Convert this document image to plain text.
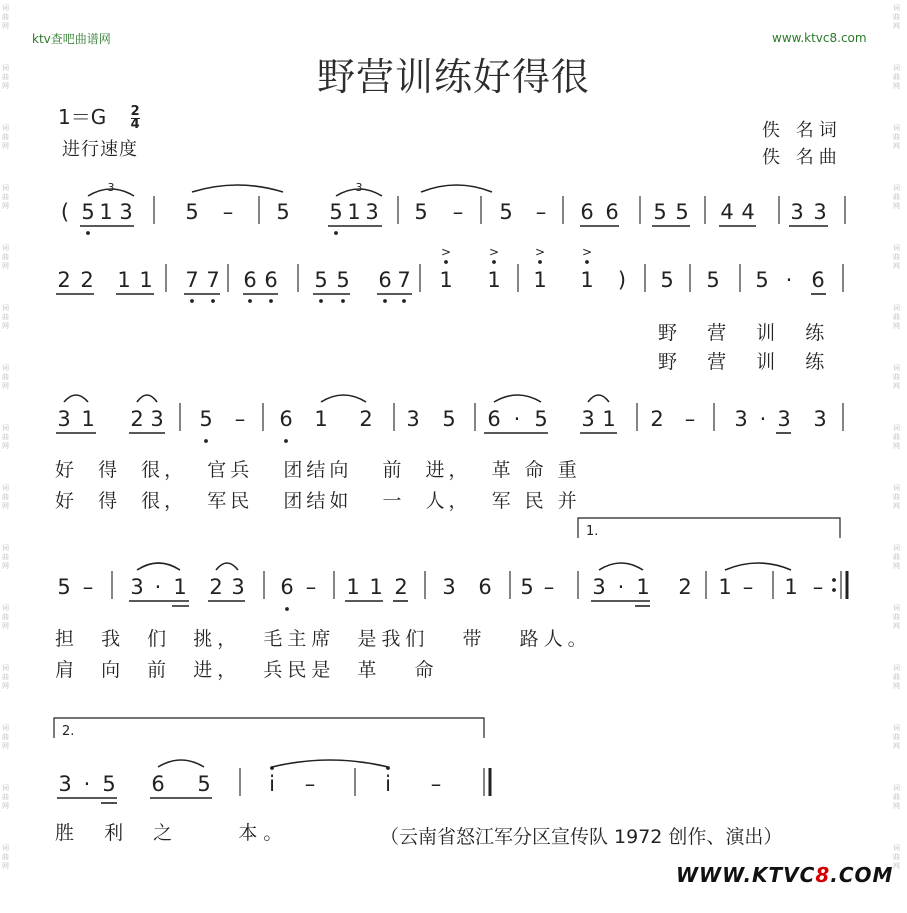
词
曲
网
词
曲
网
词
曲
网
词
曲
网
词
曲
网
词
曲
网
词
曲
网
词
曲
网
词
曲
网
词
曲
网
词
曲
网
词
曲
网
词
曲
网
词
曲
网
词
曲
网
词
曲
网
词
曲
网
词
曲
网
词
曲
网
词
曲
网
词
曲
网
词
曲
网
词
曲
网
词
曲
网
词
曲
网
词
曲
网
词
曲
网
词
曲
网
词
曲
网
词
曲
网
ktv查吧曲谱网	www.ktvc8.com
野营训练好得很
$1=G \frac{2}{4}$
进行速度
佚 名词
佚 名曲
( 5 1 3	5 – 5 5 1 3 5 – 5 – 6 6 5 5 4 4 3 3
3	3
2 2 1 1 7 7 6 6 5 5 6 7 1 1 1 1 ) 5 5 5 · 6
>	>	>	>
3 1 2 3 5 – 6 1 2 3 5 6 · 5 3 1 2 – 3 · 3 3
5 – 3 · 1 2 3 6 – 1 1 2 3 6 5 – 3 · 1 2 1 – 1 –
1.
3 · 5 6 5	i –	i –
2.
野  营  训  练
野  营  训  练
好  得  很，  官兵   团结向   前  进，  革 命 重
好  得  很，  军民   团结如   一  人，  军 民 并
担  我  们  挑，  毛主席  是我们   带   路人。
肩  向  前  进，  兵民是  革   命
胜  利  之     本。	（云南省怒江军分区宣传队 1972 创作、演出）
WWW.KTVC8.COM
